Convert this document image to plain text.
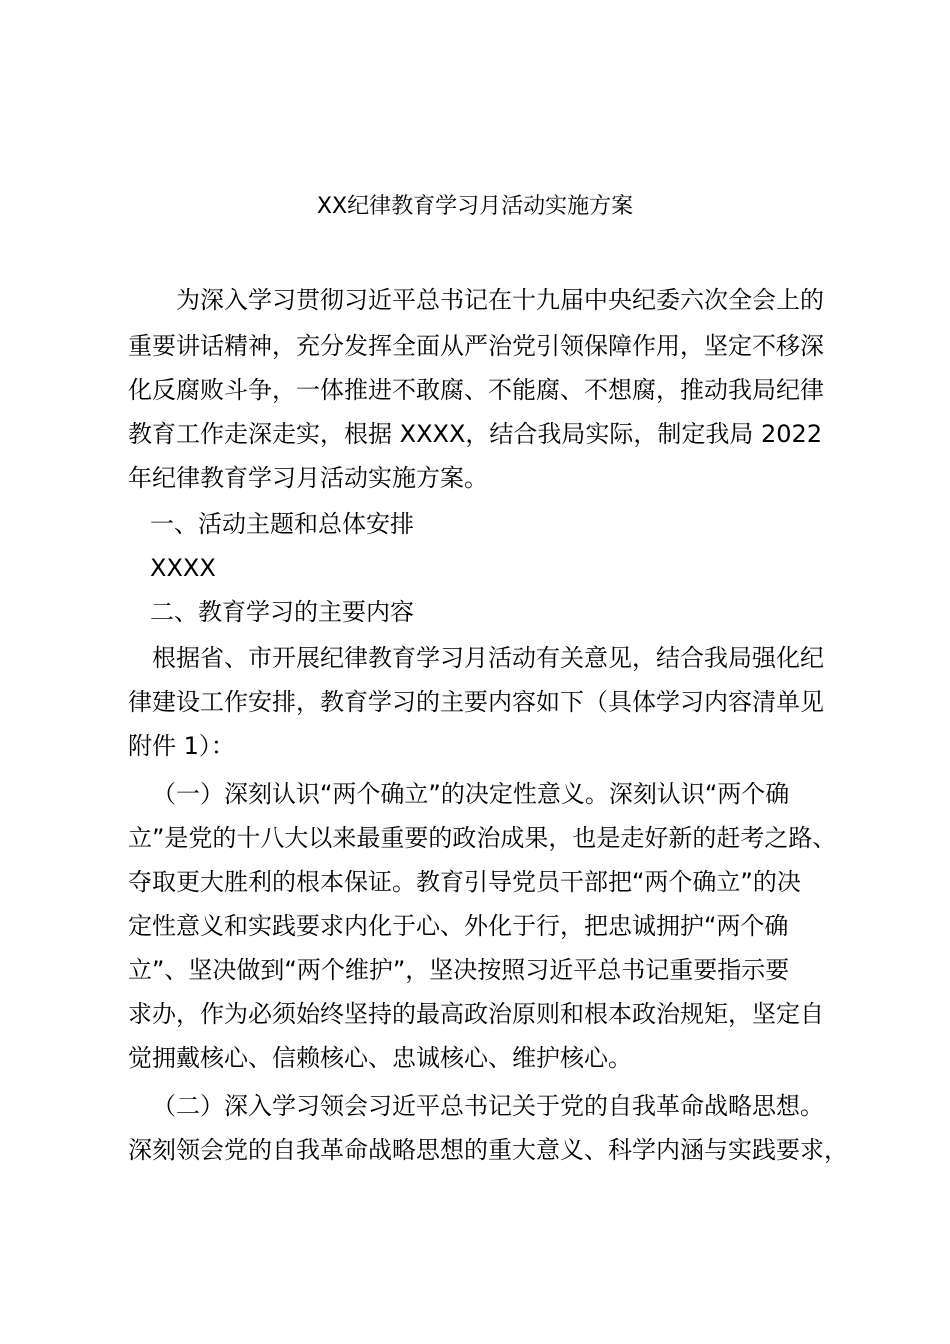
XX纪律教育学习月活动实施方案
为深入学习贯彻习近平总书记在十九届中央纪委六次全会上的
重要讲话精神，充分发挥全面从严治党引领保障作用，坚定不移深
化反腐败斗争，一体推进不敢腐、不能腐、不想腐，推动我局纪律
教育工作走深走实，根据 XXXX，结合我局实际，制定我局 2022
年纪律教育学习月活动实施方案。
一、活动主题和总体安排
XXXX
二、教育学习的主要内容
根据省、市开展纪律教育学习月活动有关意见，结合我局强化纪
律建设工作安排，教育学习的主要内容如下（具体学习内容清单见
附件 1）：
（一）深刻认识“两个确立”的决定性意义。深刻认识“两个确
立”是党的十八大以来最重要的政治成果，也是走好新的赶考之路、
夺取更大胜利的根本保证。教育引导党员干部把“两个确立”的决
定性意义和实践要求内化于心、外化于行，把忠诚拥护“两个确
立”、坚决做到“两个维护”，坚决按照习近平总书记重要指示要
求办，作为必须始终坚持的最高政治原则和根本政治规矩，坚定自
觉拥戴核心、信赖核心、忠诚核心、维护核心。
（二）深入学习领会习近平总书记关于党的自我革命战略思想。
深刻领会党的自我革命战略思想的重大意义、科学内涵与实践要求，
